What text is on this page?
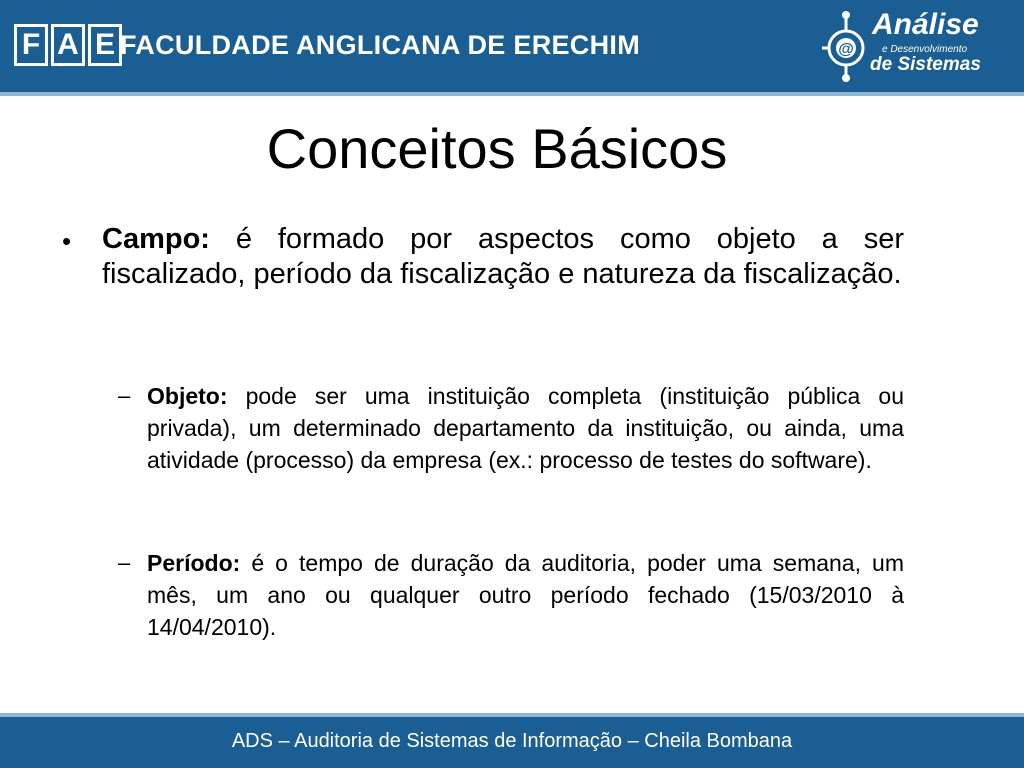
F A E FACULDADE ANGLICANA DE ERECHIM	@
Análise
e Desenvolvimento
de Sistemas
Conceitos Básicos
• Campo: é formado por aspectos como objeto a ser fiscalizado, período da fiscalização e natureza da fiscalização.
– Objeto: pode ser uma instituição completa (instituição pública ou privada), um determinado departamento da instituição, ou ainda, uma atividade (processo) da empresa (ex.: processo de testes do software).
– Período: é o tempo de duração da auditoria, poder uma semana, um mês, um ano ou qualquer outro período fechado (15/03/2010 à 14/04/2010).
ADS – Auditoria de Sistemas de Informação – Cheila Bombana
